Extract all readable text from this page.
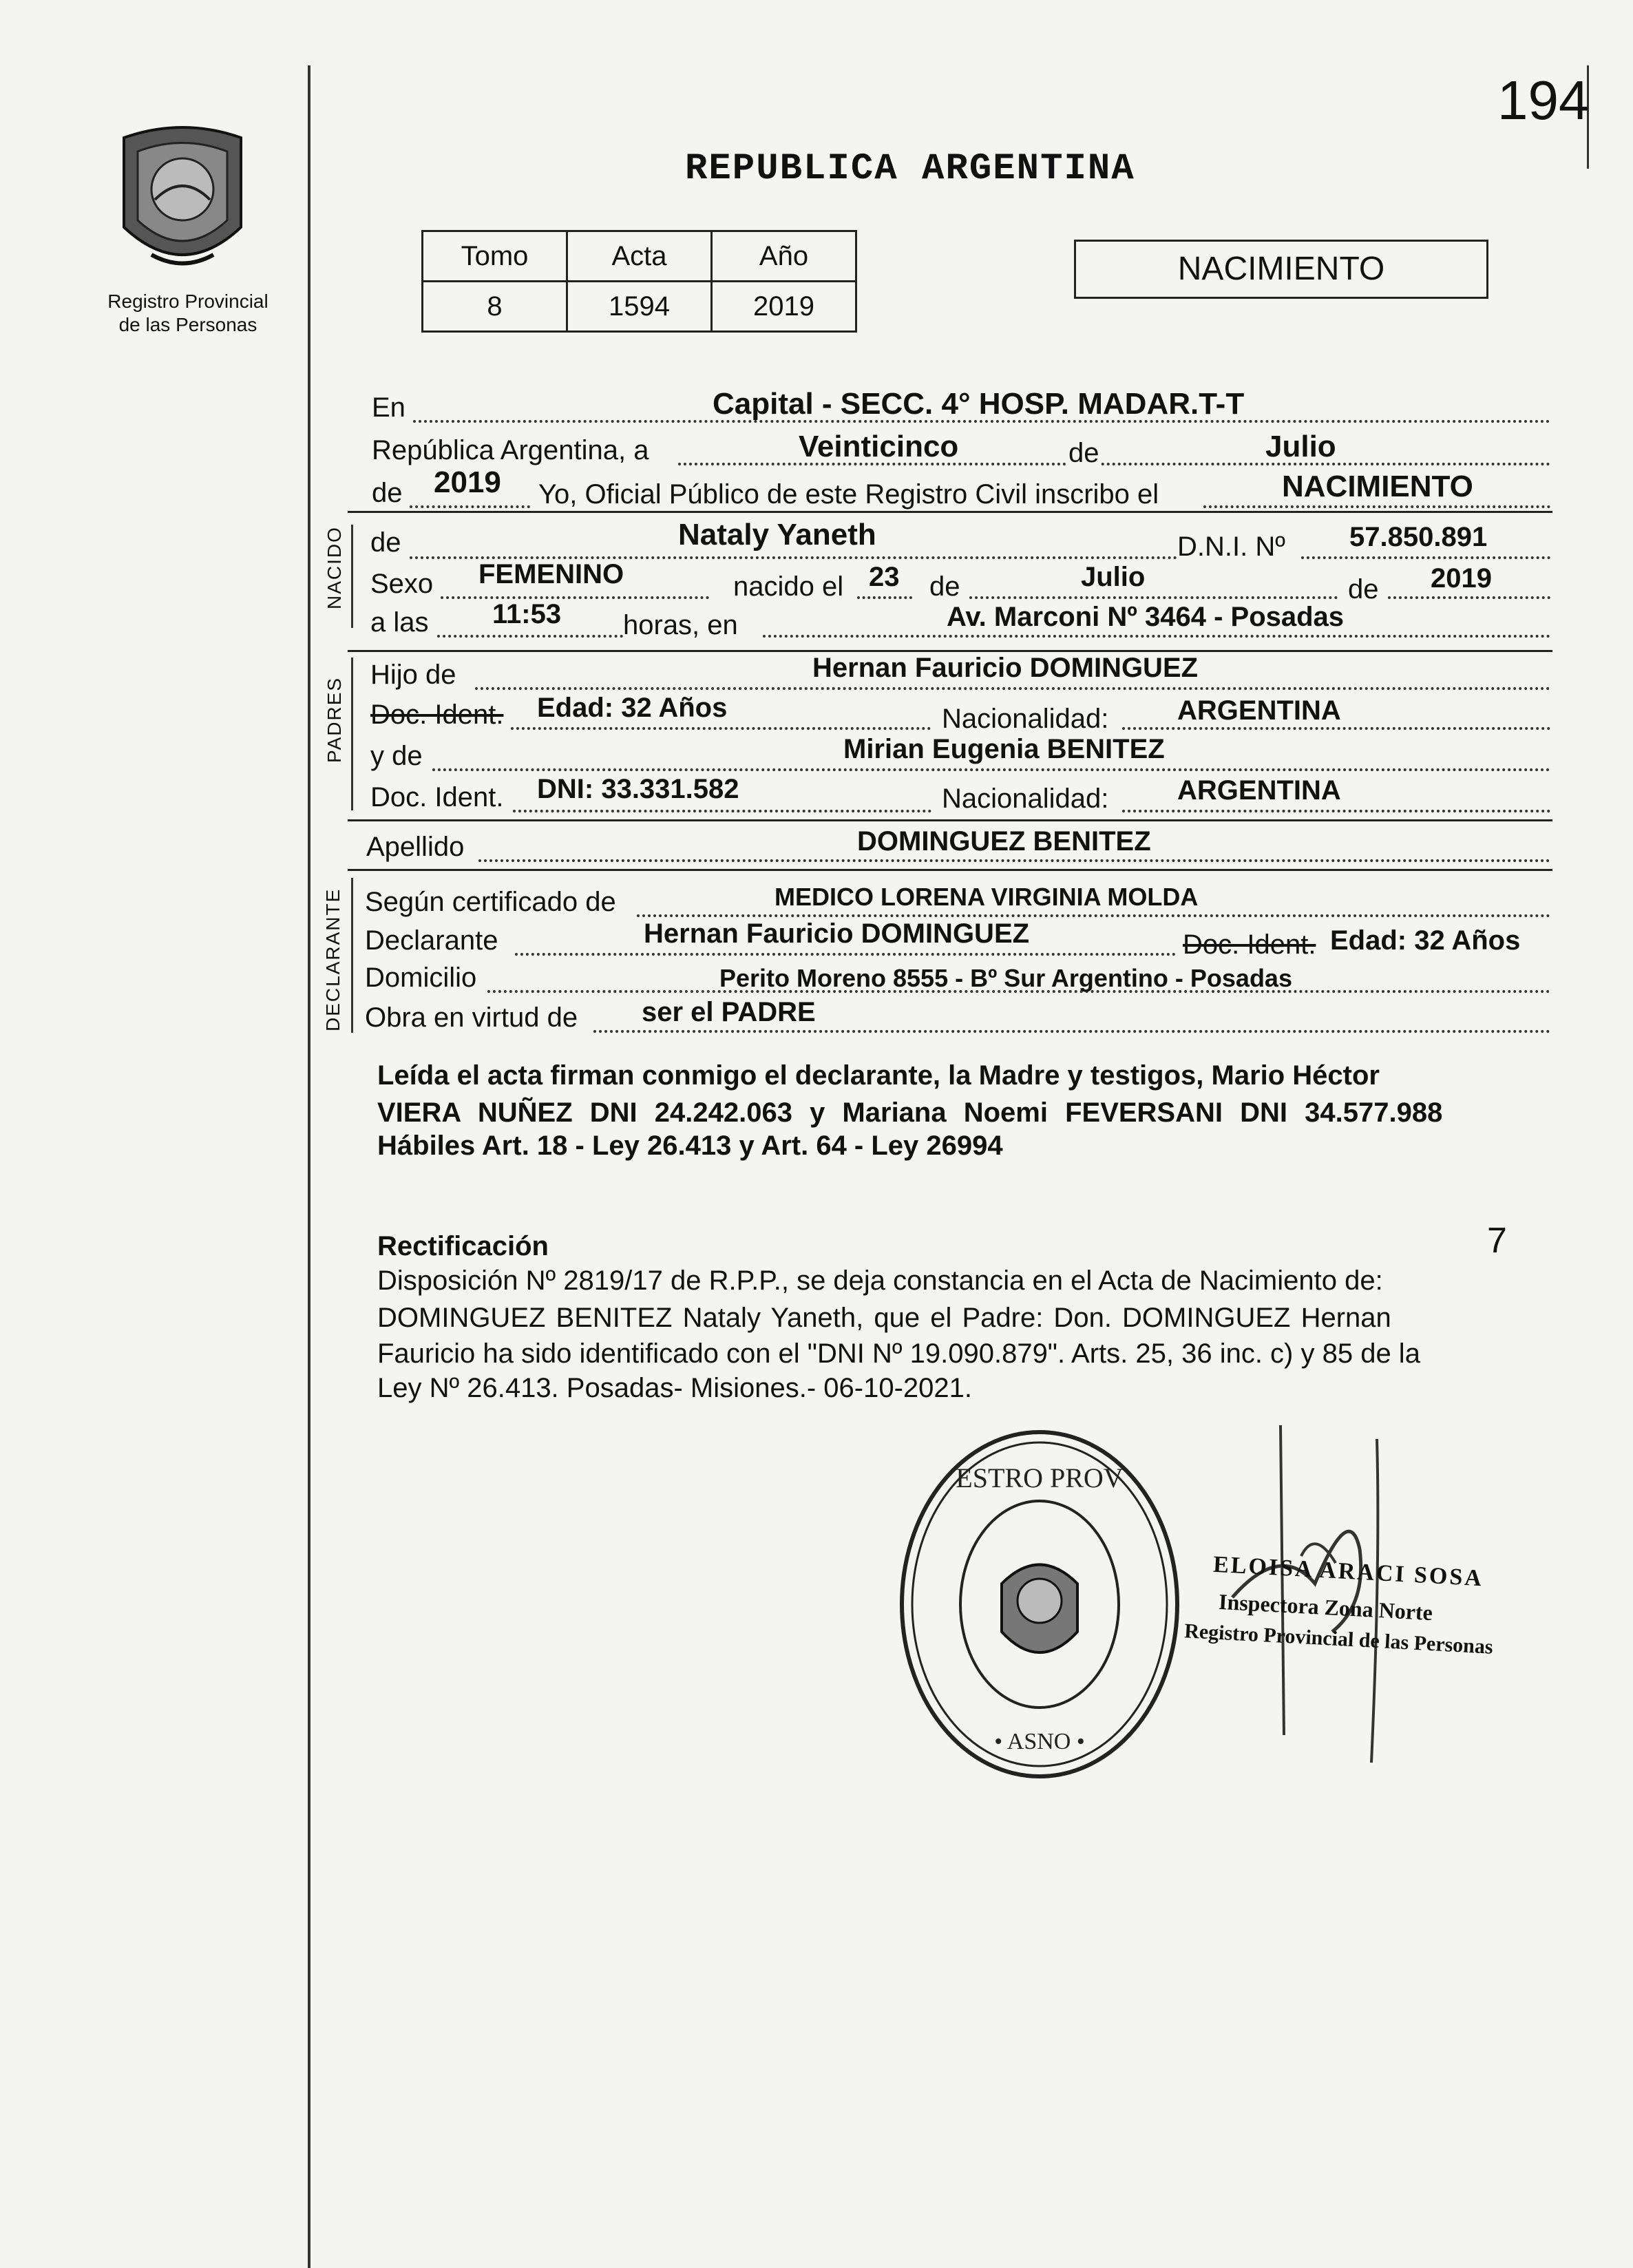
194
Registro Provincial
de las Personas
REPUBLICA ARGENTINA
Tomo	Acta	Año
8	1594	2019
NACIMIENTO
En	Capital - SECC. 4° HOSP. MADAR.T-T
República Argentina, a	Veinticinco	de	Julio
de 2019 Yo, Oficial Público de este Registro Civil inscribo el	NACIMIENTO
NACIDO de	Nataly Yaneth	D.N.I. Nº 57.850.891
Sexo FEMENINO	nacido el 23 de	Julio	de 2019
a las 11:53 horas, en	Av. Marconi Nº 3464 - Posadas
PADRES
Hijo de	Hernan Fauricio DOMINGUEZ
Doc. Ident. Edad: 32 Años	Nacionalidad: ARGENTINA
y de	Mirian Eugenia BENITEZ
Doc. Ident. DNI: 33.331.582	Nacionalidad: ARGENTINA
Apellido	DOMINGUEZ BENITEZ
DECLARANTE Según certificado de	MEDICO LORENA VIRGINIA MOLDA
Declarante	Hernan Fauricio DOMINGUEZ	Doc. Ident. Edad: 32 Años
Domicilio	Perito Moreno 8555 - Bº Sur Argentino - Posadas
Obra en virtud de ser el PADRE
Leída el acta firman conmigo el declarante, la Madre y testigos, Mario Héctor
VIERA NUÑEZ DNI 24.242.063 y Mariana Noemi FEVERSANI DNI 34.577.988
Hábiles Art. 18 - Ley 26.413 y Art. 64 - Ley 26994
Rectificación	7
Disposición Nº 2819/17 de R.P.P., se deja constancia en el Acta de Nacimiento de:
DOMINGUEZ BENITEZ Nataly Yaneth, que el Padre: Don. DOMINGUEZ Hernan
Fauricio ha sido identificado con el "DNI Nº 19.090.879". Arts. 25, 36 inc. c) y 85 de la
Ley Nº 26.413. Posadas- Misiones.- 06-10-2021.
ESTRO PROV
• ASNO •
ELOISA ARACI SOSA
Inspectora Zona Norte
Registro Provincial de las Personas
